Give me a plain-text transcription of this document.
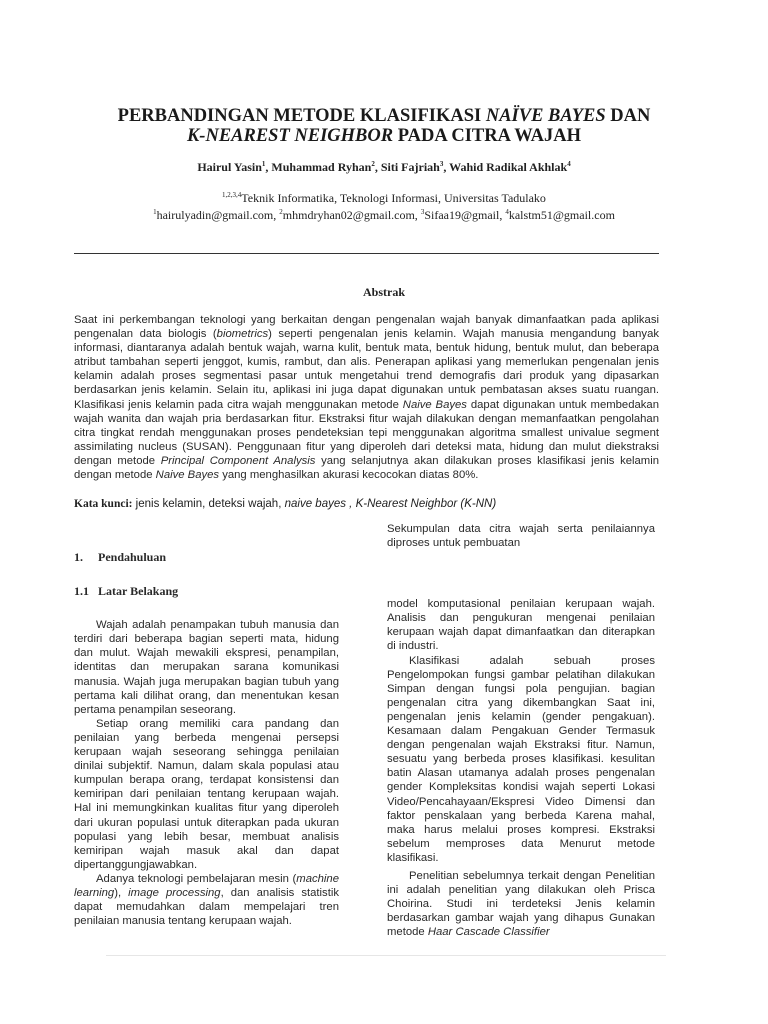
PERBANDINGAN METODE KLASIFIKASI NAÏVE BAYES DAN
K-NEAREST NEIGHBOR PADA CITRA WAJAH
Hairul Yasin$^1$, Muhammad Ryhan$^2$, Siti Fajriah$^3$, Wahid Radikal Akhlak$^4$
$^{1,2,3,4}$Teknik Informatika, Teknologi Informasi, Universitas Tadulako
$^1$hairulyadin@gmail.com, $^2$mhmdryhan02@gmail.com, $^3$Sifaa19@gmail, $^4$kalstm51@gmail.com
Abstrak

Saat ini perkembangan teknologi yang berkaitan dengan pengenalan wajah banyak dimanfaatkan pada aplikasi pengenalan data biologis (biometrics) seperti pengenalan jenis kelamin. Wajah manusia mengandung banyak informasi, diantaranya adalah bentuk wajah, warna kulit, bentuk mata, bentuk hidung, bentuk mulut, dan beberapa atribut tambahan seperti jenggot, kumis, rambut, dan alis. Penerapan aplikasi yang memerlukan pengenalan jenis kelamin adalah proses segmentasi pasar untuk mengetahui trend demografis dari produk yang dipasarkan berdasarkan jenis kelamin. Selain itu, aplikasi ini juga dapat digunakan untuk pembatasan akses suatu ruangan. Klasifikasi jenis kelamin pada citra wajah menggunakan metode Naive Bayes dapat digunakan untuk membedakan wajah wanita dan wajah pria berdasarkan fitur. Ekstraksi fitur wajah dilakukan dengan memanfaatkan pengolahan citra tingkat rendah menggunakan proses pendeteksian tepi menggunakan algoritma smallest univalue segment assimilating nucleus (SUSAN). Penggunaan fitur yang diperoleh dari deteksi mata, hidung dan mulut diekstraksi dengan metode Principal Component Analysis yang selanjutnya akan dilakukan proses klasifikasi jenis kelamin dengan metode Naive Bayes yang menghasilkan akurasi kecocokan diatas 80%.

Kata kunci: jenis kelamin, deteksi wajah, naive bayes , K-Nearest Neighbor (K-NN)
1.     Pendahuluan
1.1   Latar Belakang

Wajah adalah penampakan tubuh manusia dan terdiri dari beberapa bagian seperti mata, hidung dan mulut. Wajah mewakili ekspresi, penampilan, identitas dan merupakan sarana komunikasi manusia. Wajah juga merupakan bagian tubuh yang pertama kali dilihat orang, dan menentukan kesan pertama penampilan seseorang.

Setiap orang memiliki cara pandang dan penilaian yang berbeda mengenai persepsi kerupaan wajah seseorang sehingga penilaian dinilai subjektif. Namun, dalam skala populasi atau kumpulan berapa orang, terdapat konsistensi dan kemiripan dari penilaian tentang kerupaan wajah. Hal ini memungkinkan kualitas fitur yang diperoleh dari ukuran populasi untuk diterapkan pada ukuran populasi yang lebih besar, membuat analisis kemiripan wajah masuk akal dan dapat dipertanggungjawabkan.

Adanya teknologi pembelajaran mesin (machine learning), image processing, dan analisis statistik dapat memudahkan dalam mempelajari tren penilaian manusia tentang kerupaan wajah.

Sekumpulan data citra wajah serta penilaiannya diproses untuk pembuatan

model komputasional penilaian kerupaan wajah. Analisis dan pengukuran mengenai penilaian kerupaan wajah dapat dimanfaatkan dan diterapkan di industri.

Klasifikasi adalah sebuah proses Pengelompokan fungsi gambar pelatihan dilakukan Simpan dengan fungsi pola pengujian. bagian pengenalan citra yang dikembangkan Saat ini, pengenalan jenis kelamin (gender pengakuan). Kesamaan dalam Pengakuan Gender Termasuk dengan pengenalan wajah Ekstraksi fitur. Namun, sesuatu yang berbeda proses klasifikasi. kesulitan batin Alasan utamanya adalah proses pengenalan gender Kompleksitas kondisi wajah seperti Lokasi Video/Pencahayaan/Ekspresi Video Dimensi dan faktor penskalaan yang berbeda Karena mahal, maka harus melalui proses kompresi. Ekstraksi sebelum memproses data Menurut metode klasifikasi.

Penelitian sebelumnya terkait dengan Penelitian ini adalah penelitian yang dilakukan oleh Prisca Choirina. Studi ini terdeteksi Jenis kelamin berdasarkan gambar wajah yang dihapus Gunakan metode Haar Cascade Classifier
